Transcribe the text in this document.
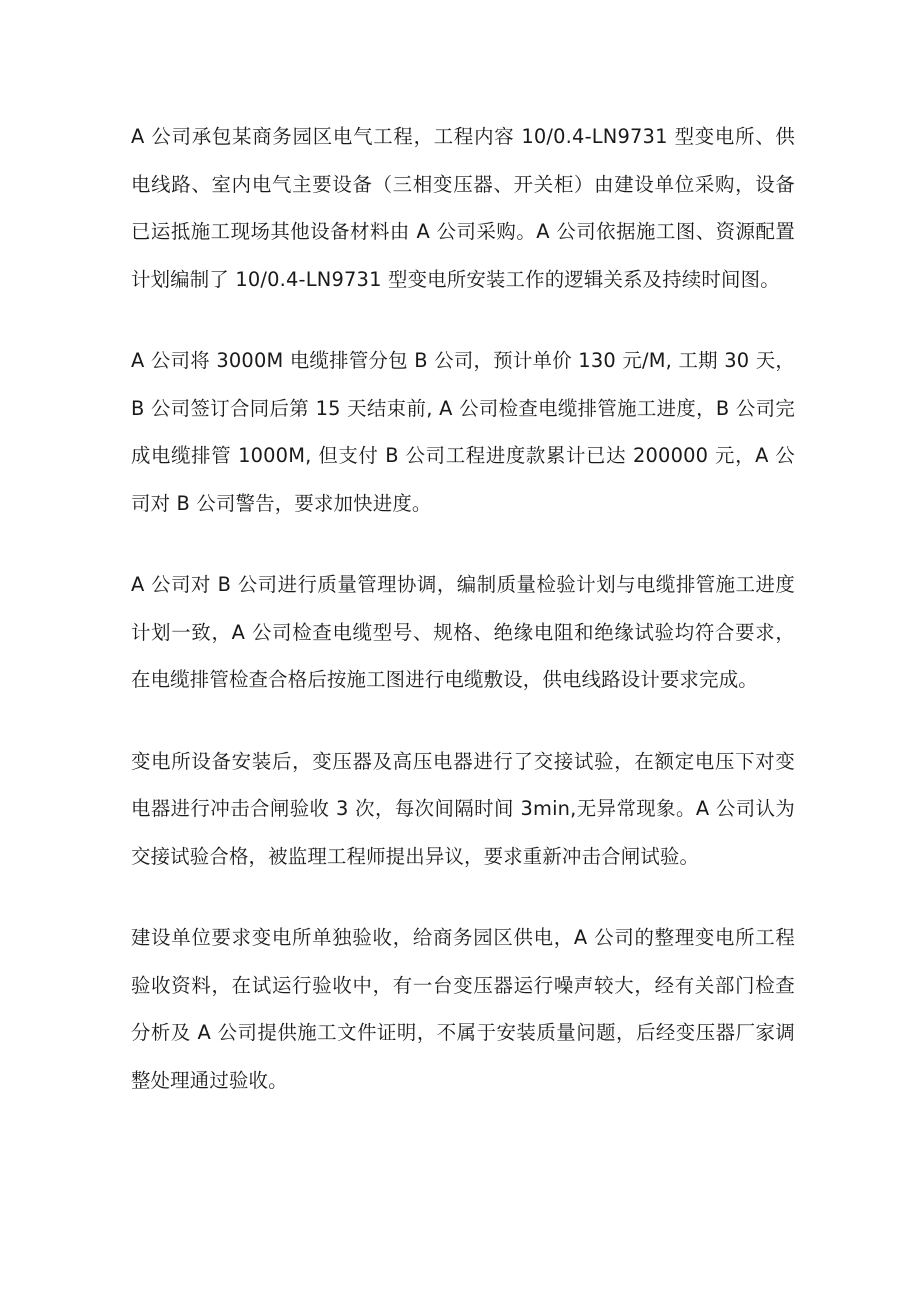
A 公司承包某商务园区电气工程，工程内容 10/0.4-LN9731 型变电所、供电线路、室内电气主要设备（三相变压器、开关柜）由建设单位采购，设备已运抵施工现场其他设备材料由 A 公司采购。A 公司依据施工图、资源配置计划编制了 10/0.4-LN9731 型变电所安装工作的逻辑关系及持续时间图。

A 公司将 3000M 电缆排管分包 B 公司，预计单价 130 元/M, 工期 30 天，B 公司签订合同后第 15 天结束前, A 公司检查电缆排管施工进度，B 公司完成电缆排管 1000M, 但支付 B 公司工程进度款累计已达 200000 元，A 公司对 B 公司警告，要求加快进度。

A 公司对 B 公司进行质量管理协调，编制质量检验计划与电缆排管施工进度计划一致，A 公司检查电缆型号、规格、绝缘电阻和绝缘试验均符合要求，在电缆排管检查合格后按施工图进行电缆敷设，供电线路设计要求完成。

变电所设备安装后，变压器及高压电器进行了交接试验，在额定电压下对变电器进行冲击合闸验收 3 次，每次间隔时间 3min,无异常现象。A 公司认为交接试验合格，被监理工程师提出异议，要求重新冲击合闸试验。

建设单位要求变电所单独验收，给商务园区供电，A 公司的整理变电所工程验收资料，在试运行验收中，有一台变压器运行噪声较大，经有关部门检查分析及 A 公司提供施工文件证明，不属于安装质量问题，后经变压器厂家调整处理通过验收。
